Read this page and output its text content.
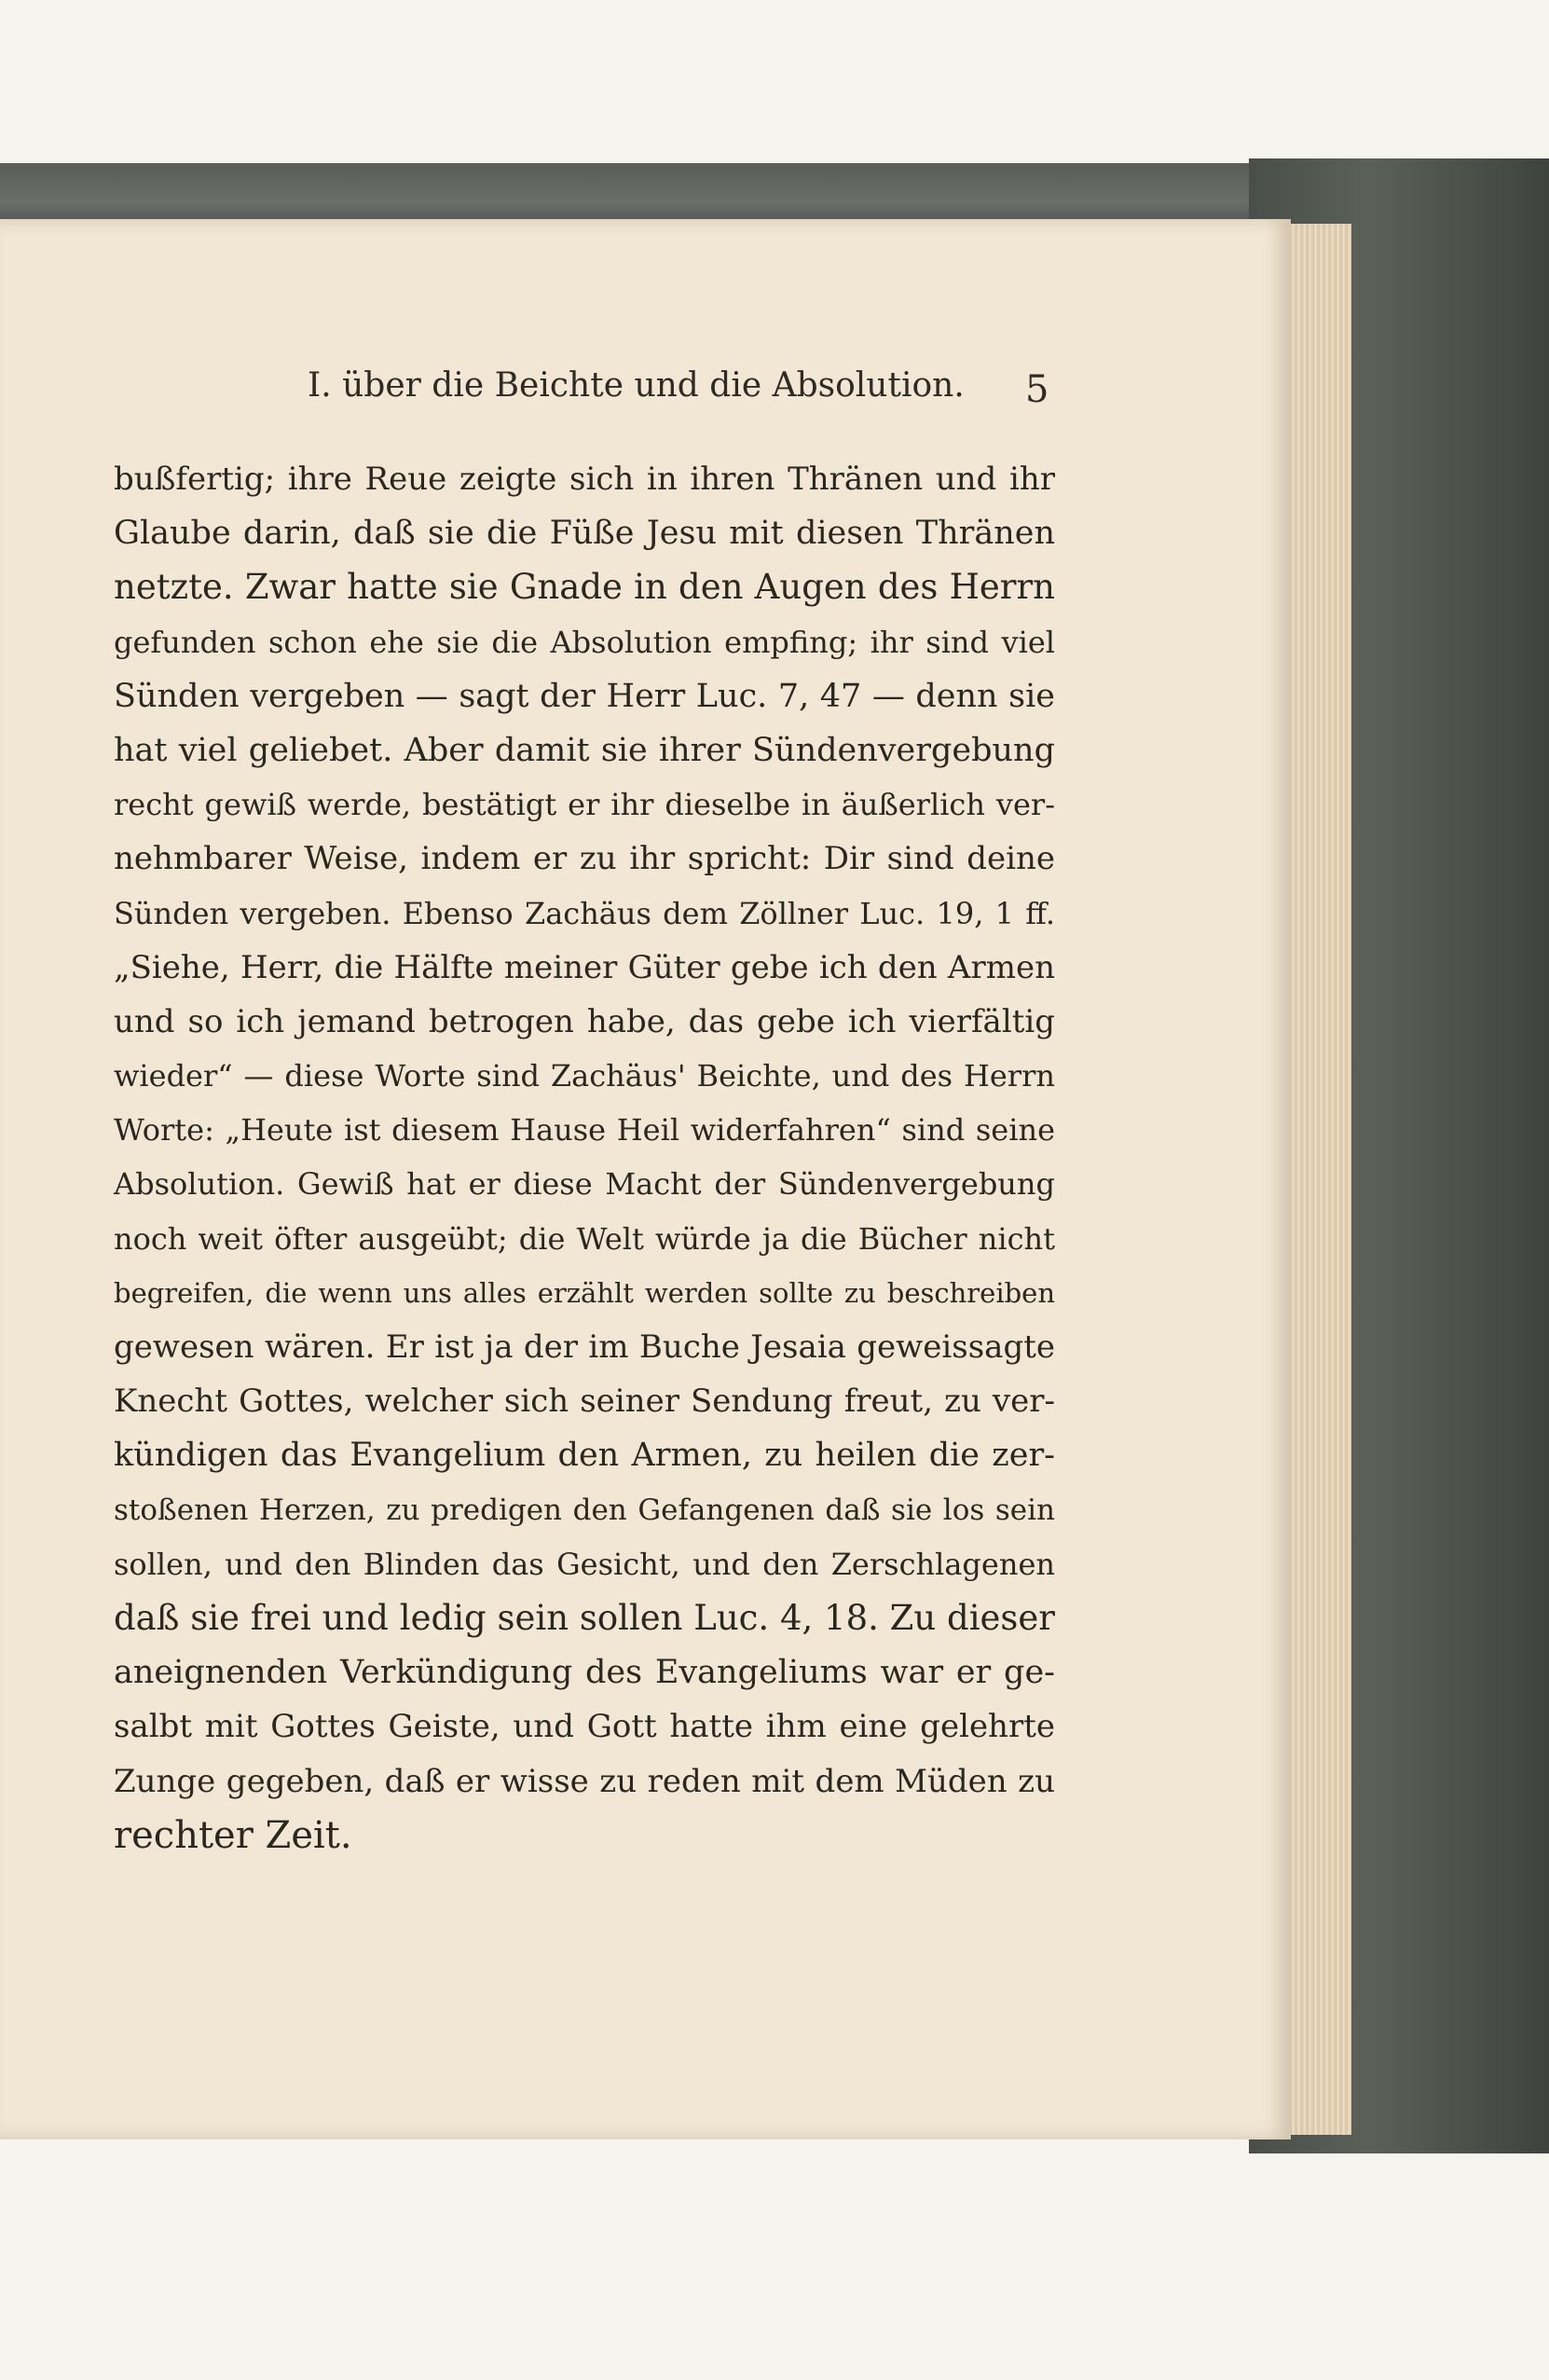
I. über die Beichte und die Absolution. 5
bußfertig; ihre Reue zeigte sich in ihren Thränen und ihr
Glaube darin, daß sie die Füße Jesu mit diesen Thränen
netzte. Zwar hatte sie Gnade in den Augen des Herrn
gefunden schon ehe sie die Absolution empfing; ihr sind viel
Sünden vergeben — sagt der Herr Luc. 7, 47 — denn sie
hat viel geliebet. Aber damit sie ihrer Sündenvergebung
recht gewiß werde, bestätigt er ihr dieselbe in äußerlich ver-
nehmbarer Weise, indem er zu ihr spricht: Dir sind deine
Sünden vergeben. Ebenso Zachäus dem Zöllner Luc. 19, 1 ff.
„Siehe, Herr, die Hälfte meiner Güter gebe ich den Armen
und so ich jemand betrogen habe, das gebe ich vierfältig
wieder“ — diese Worte sind Zachäus' Beichte, und des Herrn
Worte: „Heute ist diesem Hause Heil widerfahren“ sind seine
Absolution. Gewiß hat er diese Macht der Sündenvergebung
noch weit öfter ausgeübt; die Welt würde ja die Bücher nicht
begreifen, die wenn uns alles erzählt werden sollte zu beschreiben
gewesen wären. Er ist ja der im Buche Jesaia geweissagte
Knecht Gottes, welcher sich seiner Sendung freut, zu ver-
kündigen das Evangelium den Armen, zu heilen die zer-
stoßenen Herzen, zu predigen den Gefangenen daß sie los sein
sollen, und den Blinden das Gesicht, und den Zerschlagenen
daß sie frei und ledig sein sollen Luc. 4, 18. Zu dieser
aneignenden Verkündigung des Evangeliums war er ge-
salbt mit Gottes Geiste, und Gott hatte ihm eine gelehrte
Zunge gegeben, daß er wisse zu reden mit dem Müden zu
rechter Zeit.
